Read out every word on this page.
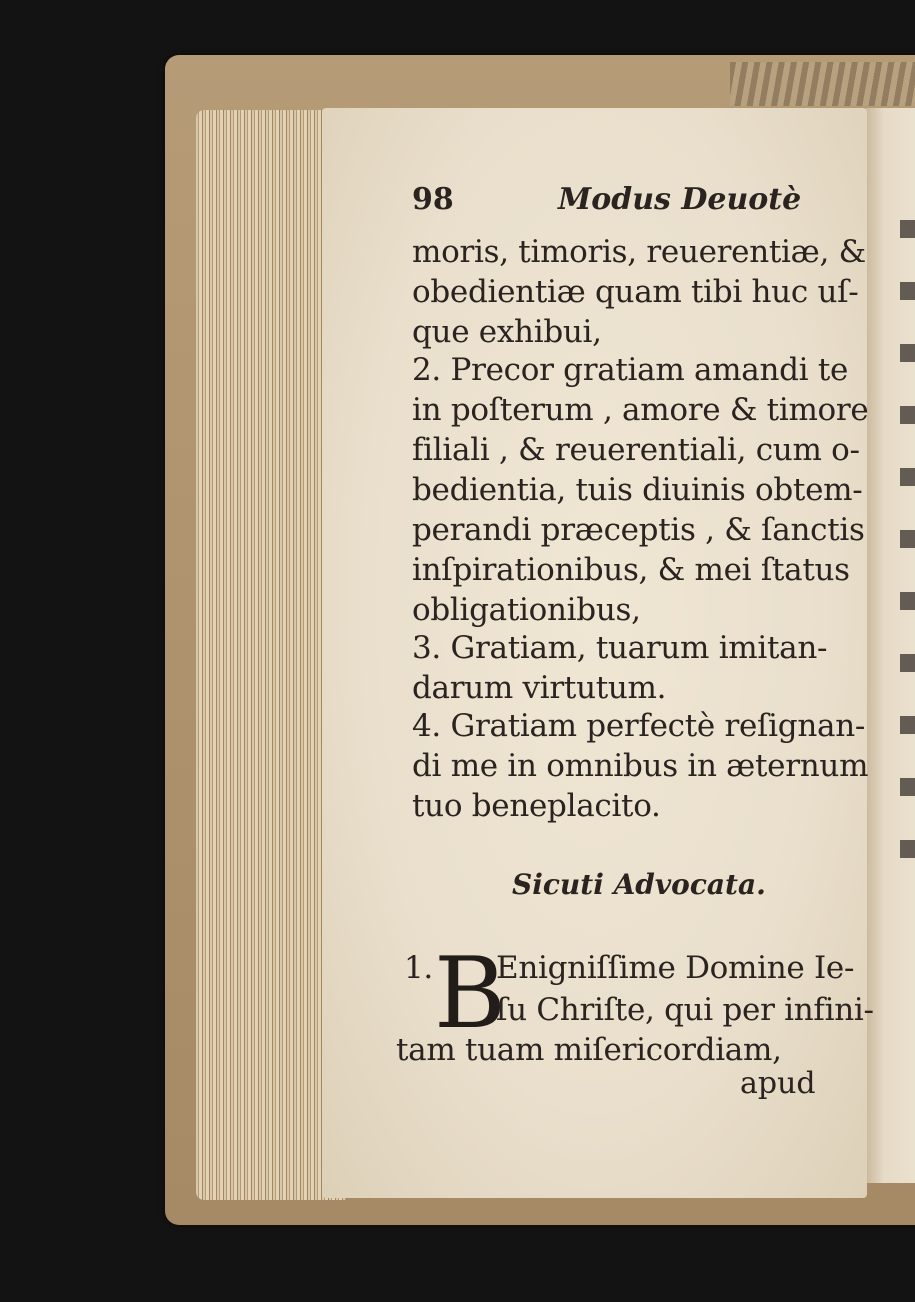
98	Modus Deuotè
moris, timoris, reuerentiæ, &
obedientiæ quam tibi huc uſ-
que exhibui,
2. Precor gratiam amandi te
in poſterum , amore & timore
filiali , & reuerentiali, cum o-
bedientia, tuis diuinis obtem-
perandi præceptis , & ſanctis
inſpirationibus, & mei ſtatus
obligationibus,
3. Gratiam, tuarum imitan-
darum virtutum.
4. Gratiam perfectè reſignan-
di me in omnibus in æternum
tuo beneplacito.
Sicuti Advocata.
1. B
Enigniſſime Domine Ie-
ſu Chriſte, qui per infini-
tam tuam miſericordiam,
apud
